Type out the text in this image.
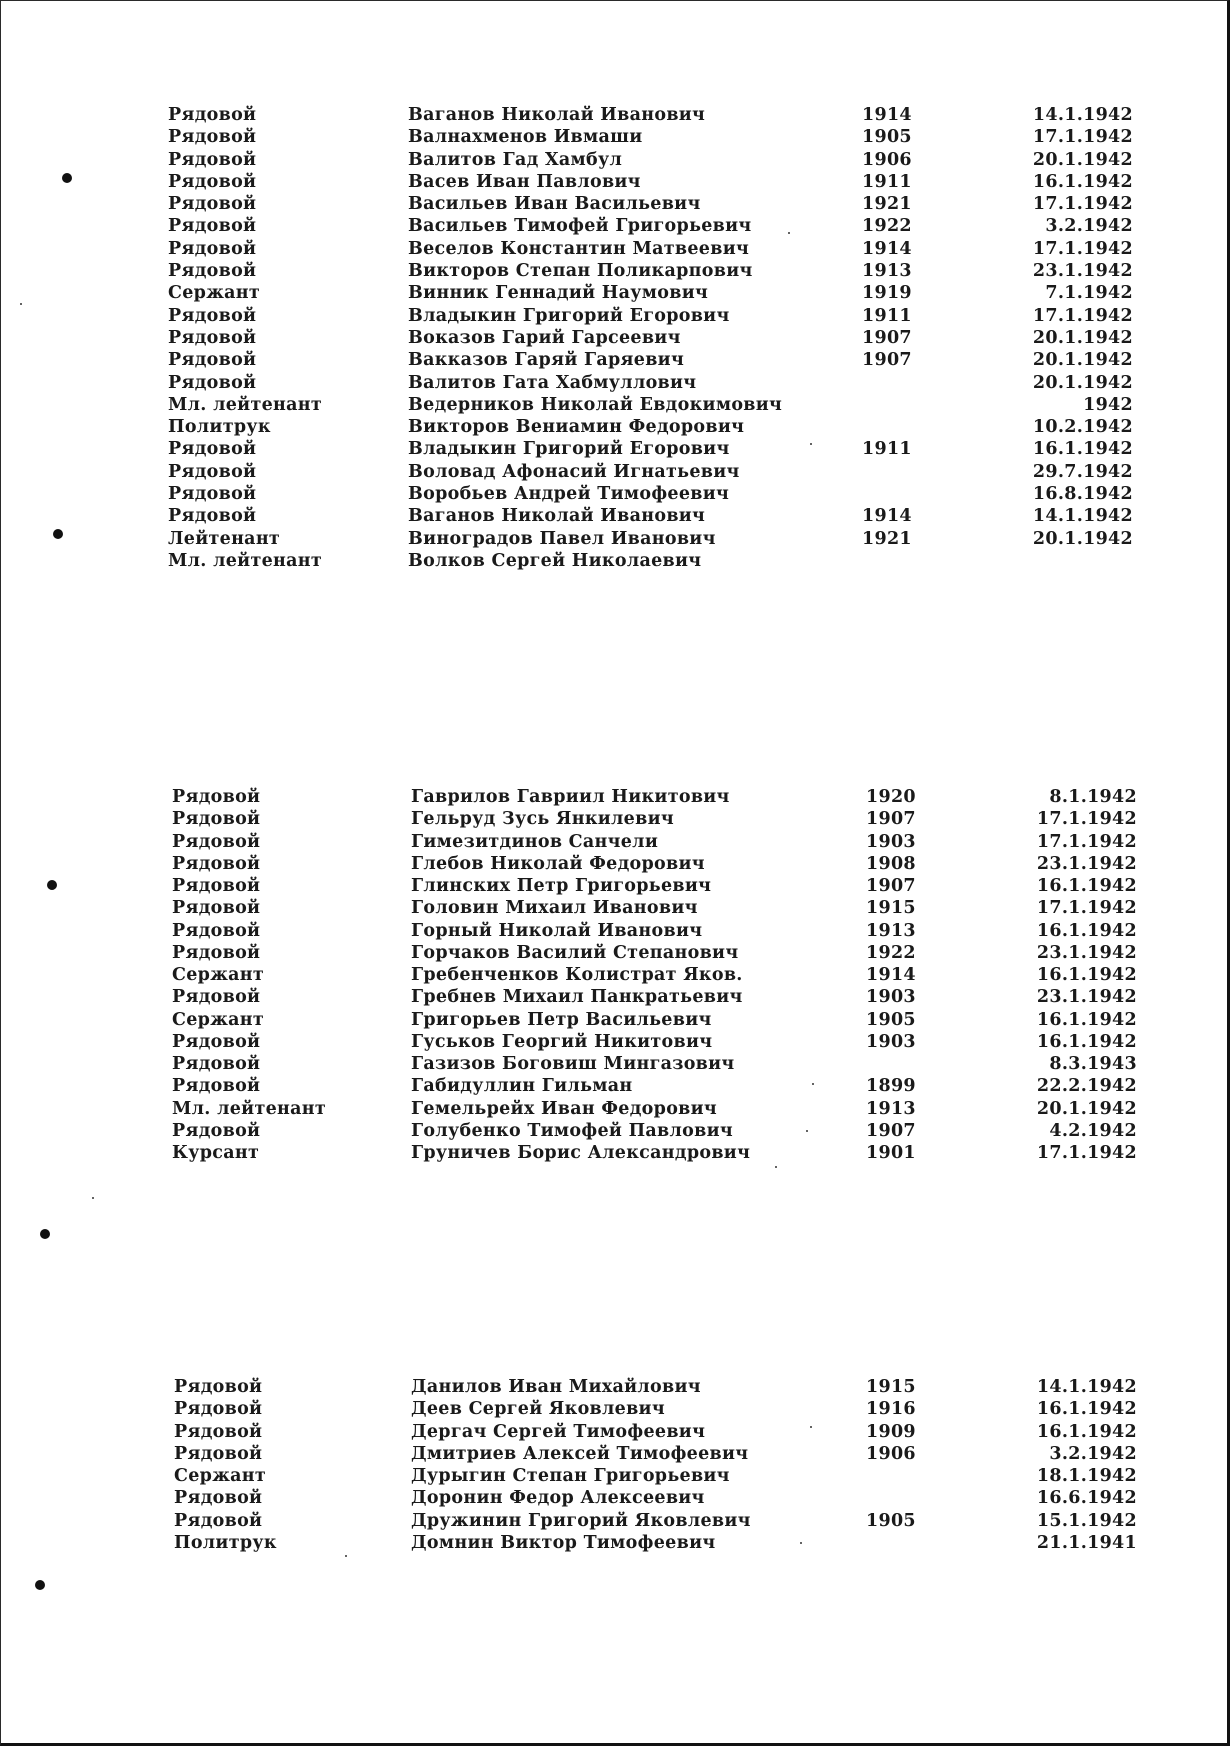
Рядовой	Ваганов Николай Иванович	1914	14.1.1942
Рядовой	Валнахменов Ивмаши	1905	17.1.1942
Рядовой	Валитов Гад Хамбул	1906	20.1.1942
Рядовой	Васев Иван Павлович	1911	16.1.1942
Рядовой	Васильев Иван Васильевич	1921	17.1.1942
Рядовой	Васильев Тимофей Григорьевич	1922	3.2.1942
Рядовой	Веселов Константин Матвеевич	1914	17.1.1942
Рядовой	Викторов Степан Поликарпович	1913	23.1.1942
Сержант	Винник Геннадий Наумович	1919	7.1.1942
Рядовой	Владыкин Григорий Егорович	1911	17.1.1942
Рядовой	Воказов Гарий Гарсеевич	1907	20.1.1942
Рядовой	Вакказов Гаряй Гаряевич	1907	20.1.1942
Рядовой	Валитов Гата Хабмуллович	20.1.1942
Мл. лейтенант	Ведерников Николай Евдокимович	1942
Политрук	Викторов Вениамин Федорович	10.2.1942
Рядовой	Владыкин Григорий Егорович	1911	16.1.1942
Рядовой	Воловад Афонасий Игнатьевич	29.7.1942
Рядовой	Воробьев Андрей Тимофеевич	16.8.1942
Рядовой	Ваганов Николай Иванович	1914	14.1.1942
Лейтенант	Виноградов Павел Иванович	1921	20.1.1942
Мл. лейтенант	Волков Сергей Николаевич
Рядовой	Гаврилов Гавриил Никитович	1920	8.1.1942
Рядовой	Гельруд Зусь Янкилевич	1907	17.1.1942
Рядовой	Гимезитдинов Санчели	1903	17.1.1942
Рядовой	Глебов Николай Федорович	1908	23.1.1942
Рядовой	Глинских Петр Григорьевич	1907	16.1.1942
Рядовой	Головин Михаил Иванович	1915	17.1.1942
Рядовой	Горный Николай Иванович	1913	16.1.1942
Рядовой	Горчаков Василий Степанович	1922	23.1.1942
Сержант	Гребенченков Колистрат Яков.	1914	16.1.1942
Рядовой	Гребнев Михаил Панкратьевич	1903	23.1.1942
Сержант	Григорьев Петр Васильевич	1905	16.1.1942
Рядовой	Гуськов Георгий Никитович	1903	16.1.1942
Рядовой	Газизов Боговиш Мингазович	8.3.1943
Рядовой	Габидуллин Гильман	1899	22.2.1942
Мл. лейтенант	Гемельрейх Иван Федорович	1913	20.1.1942
Рядовой	Голубенко Тимофей Павлович	1907	4.2.1942
Курсант	Груничев Борис Александрович	1901	17.1.1942
Рядовой	Данилов Иван Михайлович	1915	14.1.1942
Рядовой	Деев Сергей Яковлевич	1916	16.1.1942
Рядовой	Дергач Сергей Тимофеевич	1909	16.1.1942
Рядовой	Дмитриев Алексей Тимофеевич	1906	3.2.1942
Сержант	Дурыгин Степан Григорьевич	18.1.1942
Рядовой	Доронин Федор Алексеевич	16.6.1942
Рядовой	Дружинин Григорий Яковлевич	1905	15.1.1942
Политрук	Домнин Виктор Тимофеевич	21.1.1941
